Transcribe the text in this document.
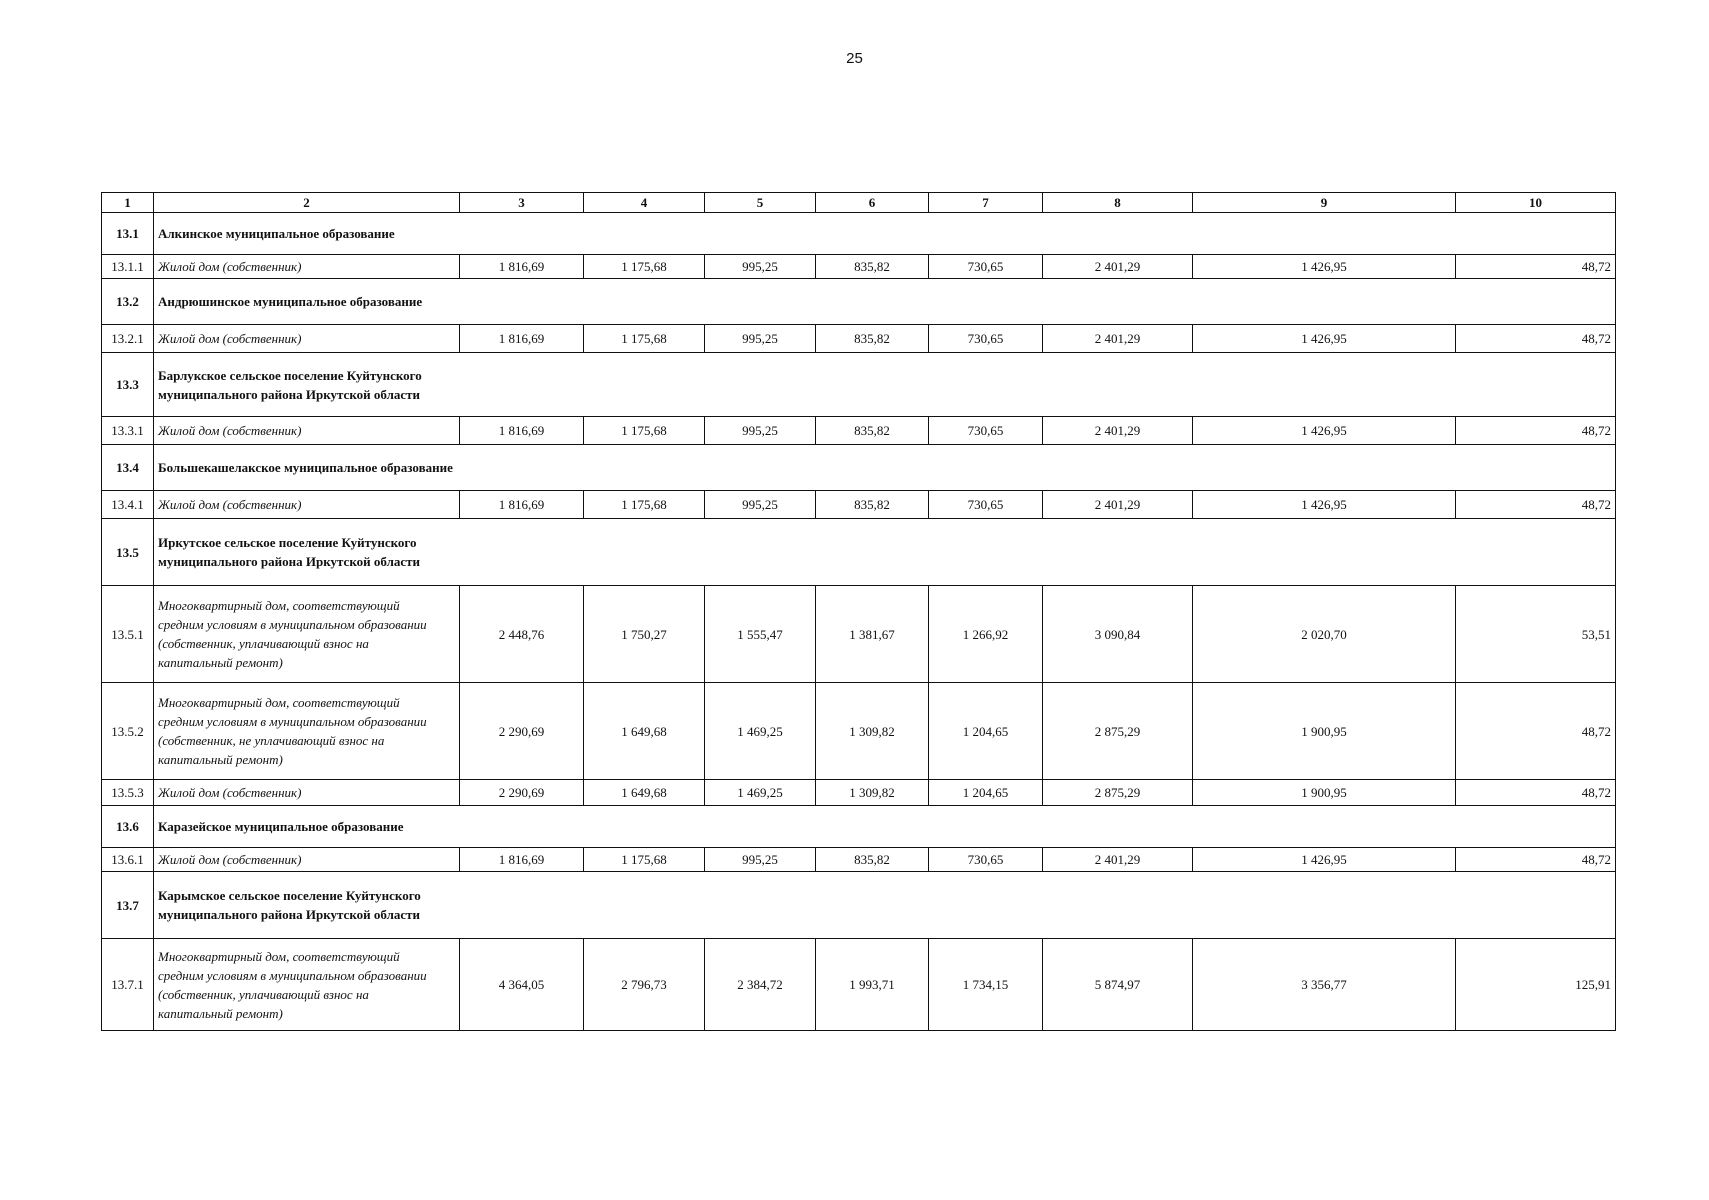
25
1	2	3	4	5	6	7	8	9	10
13.1	Алкинское муниципальное образование								
13.1.1	Жилой дом (собственник)	1 816,69	1 175,68	995,25	835,82	730,65	2 401,29	1 426,95	48,72
13.2	Андрюшинское муниципальное образование								
13.2.1	Жилой дом (собственник)	1 816,69	1 175,68	995,25	835,82	730,65	2 401,29	1 426,95	48,72
13.3	Барлукское сельское поселение Куйтунского муниципального района Иркутской области								
13.3.1	Жилой дом (собственник)	1 816,69	1 175,68	995,25	835,82	730,65	2 401,29	1 426,95	48,72
13.4	Большекашелакское муниципальное образование								
13.4.1	Жилой дом (собственник)	1 816,69	1 175,68	995,25	835,82	730,65	2 401,29	1 426,95	48,72
13.5	Иркутское сельское поселение Куйтунского муниципального района Иркутской области								
13.5.1	Многоквартирный дом, соответствующий средним условиям в муниципальном образовании (собственник, уплачивающий взнос на капитальный ремонт)	2 448,76	1 750,27	1 555,47	1 381,67	1 266,92	3 090,84	2 020,70	53,51
13.5.2	Многоквартирный дом, соответствующий средним условиям в муниципальном образовании (собственник, не уплачивающий взнос на капитальный ремонт)	2 290,69	1 649,68	1 469,25	1 309,82	1 204,65	2 875,29	1 900,95	48,72
13.5.3	Жилой дом (собственник)	2 290,69	1 649,68	1 469,25	1 309,82	1 204,65	2 875,29	1 900,95	48,72
13.6	Каразейское муниципальное образование								
13.6.1	Жилой дом (собственник)	1 816,69	1 175,68	995,25	835,82	730,65	2 401,29	1 426,95	48,72
13.7	Карымское сельское поселение Куйтунского муниципального района Иркутской области								
13.7.1	Многоквартирный дом, соответствующий средним условиям в муниципальном образовании (собственник, уплачивающий взнос на капитальный ремонт)	4 364,05	2 796,73	2 384,72	1 993,71	1 734,15	5 874,97	3 356,77	125,91
